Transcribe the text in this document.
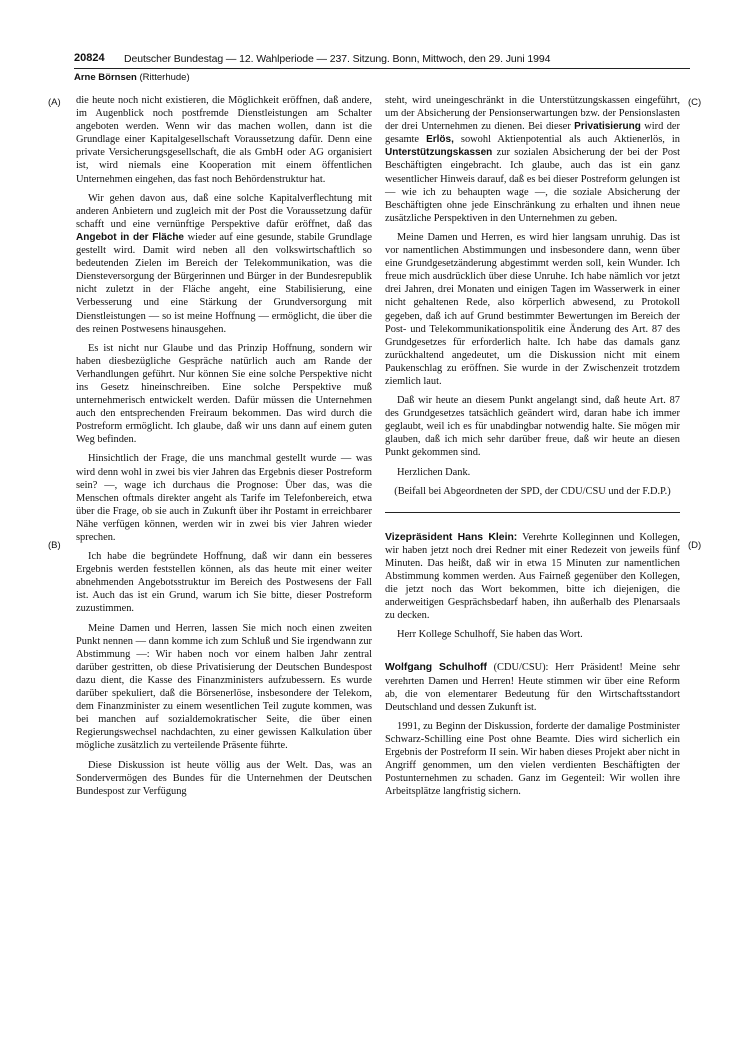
20824 Deutscher Bundestag — 12. Wahlperiode — 237. Sitzung. Bonn, Mittwoch, den 29. Juni 1994
Arne Börnsen (Ritterhude)
(A)
(B)
(C)
(D)

die heute noch nicht existieren, die Möglichkeit eröffnen, daß andere, im Augenblick noch postfremde Dienstleistungen am Schalter angeboten werden. Wenn wir das machen wollen, dann ist die Grundlage einer Kapitalgesellschaft Voraussetzung dafür. Denn eine private Versicherungsgesellschaft, die als GmbH oder AG organisiert ist, wird niemals eine Kooperation mit einem öffentlichen Unternehmen eingehen, das fast noch Behördenstruktur hat.

Wir gehen davon aus, daß eine solche Kapitalverflechtung mit anderen Anbietern und zugleich mit der Post die Voraussetzung dafür schafft und eine vernünftige Perspektive dafür eröffnet, daß das Angebot in der Fläche wieder auf eine gesunde, stabile Grundlage gestellt wird. Damit wird neben all den volkswirtschaftlich so bedeutenden Zielen im Bereich der Telekommunikation, was die Diensteversorgung der Bürgerinnen und Bürger in der Bundesrepublik nicht zuletzt in der Fläche angeht, eine Stabilisierung, eine Verbesserung und eine Stärkung der Grundversorgung mit Dienstleistungen — so ist meine Hoffnung — ermöglicht, die über die des reinen Postwesens hinausgehen.

Es ist nicht nur Glaube und das Prinzip Hoffnung, sondern wir haben diesbezügliche Gespräche natürlich auch am Rande der Verhandlungen geführt. Nur können Sie eine solche Perspektive nicht ins Gesetz hineinschreiben. Eine solche Perspektive muß unternehmerisch entwickelt werden. Dafür müssen die Unternehmen auch den entsprechenden Freiraum bekommen. Das wird durch die Postreform ermöglicht. Ich glaube, daß wir uns dann auf einem guten Weg befinden.

Hinsichtlich der Frage, die uns manchmal gestellt wurde — was wird denn wohl in zwei bis vier Jahren das Ergebnis dieser Postreform sein? —, wage ich durchaus die Prognose: Über das, was die Menschen oftmals direkter angeht als Tarife im Telefonbereich, etwa über die Frage, ob sie auch in Zukunft über ihr Postamt in erreichbarer Nähe verfügen können, werden wir in zwei bis vier Jahren wieder sprechen.

Ich habe die begründete Hoffnung, daß wir dann ein besseres Ergebnis werden feststellen können, als das heute mit einer weiter abnehmenden Angebotsstruktur im Bereich des Postwesens der Fall ist. Auch das ist ein Grund, warum ich Sie bitte, dieser Postreform zuzustimmen.

Meine Damen und Herren, lassen Sie mich noch einen zweiten Punkt nennen — dann komme ich zum Schluß und Sie irgendwann zur Abstimmung —: Wir haben noch vor einem halben Jahr zentral darüber gestritten, ob diese Privatisierung der Deutschen Bundespost dazu dient, die Kasse des Finanzministers aufzubessern. Es wurde darüber spekuliert, daß die Börsenerlöse, insbesondere der Telekom, dem Finanzminister zu einem wesentlichen Teil zugute kommen, was bei manchen auf sozialdemokratischer Seite, die über einen Regierungswechsel nachdachten, zu einer gewissen Kalkulation über mögliche zusätzlich zu verteilende Präsente führte.

Diese Diskussion ist heute völlig aus der Welt. Das, was an Sondervermögen des Bundes für die Unternehmen der Deutschen Bundespost zur Verfügung

steht, wird uneingeschränkt in die Unterstützungskassen eingeführt, um der Absicherung der Pensionserwartungen bzw. der Pensionslasten der drei Unternehmen zu dienen. Bei dieser Privatisierung wird der gesamte Erlös, sowohl Aktienpotential als auch Aktienerlös, in Unterstützungskassen zur sozialen Absicherung der bei der Post Beschäftigten eingebracht. Ich glaube, auch das ist ein ganz wesentlicher Hinweis darauf, daß es bei dieser Postreform gelungen ist — wie ich zu behaupten wage —, die soziale Absicherung der Beschäftigten ohne jede Einschränkung zu erhalten und ihnen neue zusätzliche Perspektiven in den Unternehmen zu geben.

Meine Damen und Herren, es wird hier langsam unruhig. Das ist vor namentlichen Abstimmungen und insbesondere dann, wenn über eine Grundgesetzänderung abgestimmt werden soll, kein Wunder. Ich freue mich ausdrücklich über diese Unruhe. Ich habe nämlich vor jetzt drei Jahren, drei Monaten und einigen Tagen im Wasserwerk in einer nicht gehaltenen Rede, also körperlich abwesend, zu Protokoll gegeben, daß ich auf Grund bestimmter Bewertungen im Bereich der Post- und Telekommunikationspolitik eine Änderung des Art. 87 des Grundgesetzes für erforderlich halte. Ich habe das damals ganz zurückhaltend angedeutet, um die Diskussion nicht mit einem Paukenschlag zu eröffnen. Sie wurde in der Zwischenzeit trotzdem ziemlich laut.

Daß wir heute an diesem Punkt angelangt sind, daß heute Art. 87 des Grundgesetzes tatsächlich geändert wird, daran habe ich immer geglaubt, weil ich es für unabdingbar notwendig halte. Sie mögen mir glauben, daß ich mich sehr darüber freue, daß wir heute an diesen Punkt gekommen sind.

Herzlichen Dank.

(Beifall bei Abgeordneten der SPD, der CDU/CSU und der F.D.P.)

Vizepräsident Hans Klein: Verehrte Kolleginnen und Kollegen, wir haben jetzt noch drei Redner mit einer Redezeit von jeweils fünf Minuten. Das heißt, daß wir in etwa 15 Minuten zur namentlichen Abstimmung kommen werden. Aus Fairneß gegenüber den Kollegen, die jetzt noch das Wort bekommen, bitte ich diejenigen, die anderweitigen Gesprächsbedarf haben, ihn außerhalb des Plenarsaals zu decken.

Herr Kollege Schulhoff, Sie haben das Wort.

Wolfgang Schulhoff (CDU/CSU): Herr Präsident! Meine sehr verehrten Damen und Herren! Heute stimmen wir über eine Reform ab, die von elementarer Bedeutung für den Wirtschaftsstandort Deutschland und dessen Zukunft ist.

1991, zu Beginn der Diskussion, forderte der damalige Postminister Schwarz-Schilling eine Post ohne Beamte. Dies wird sicherlich ein Ergebnis der Postreform II sein. Wir haben dieses Projekt aber nicht in Angriff genommen, um den vielen verdienten Beschäftigten der Postunternehmen zu schaden. Ganz im Gegenteil: Wir wollen ihre Arbeitsplätze langfristig sichern.
